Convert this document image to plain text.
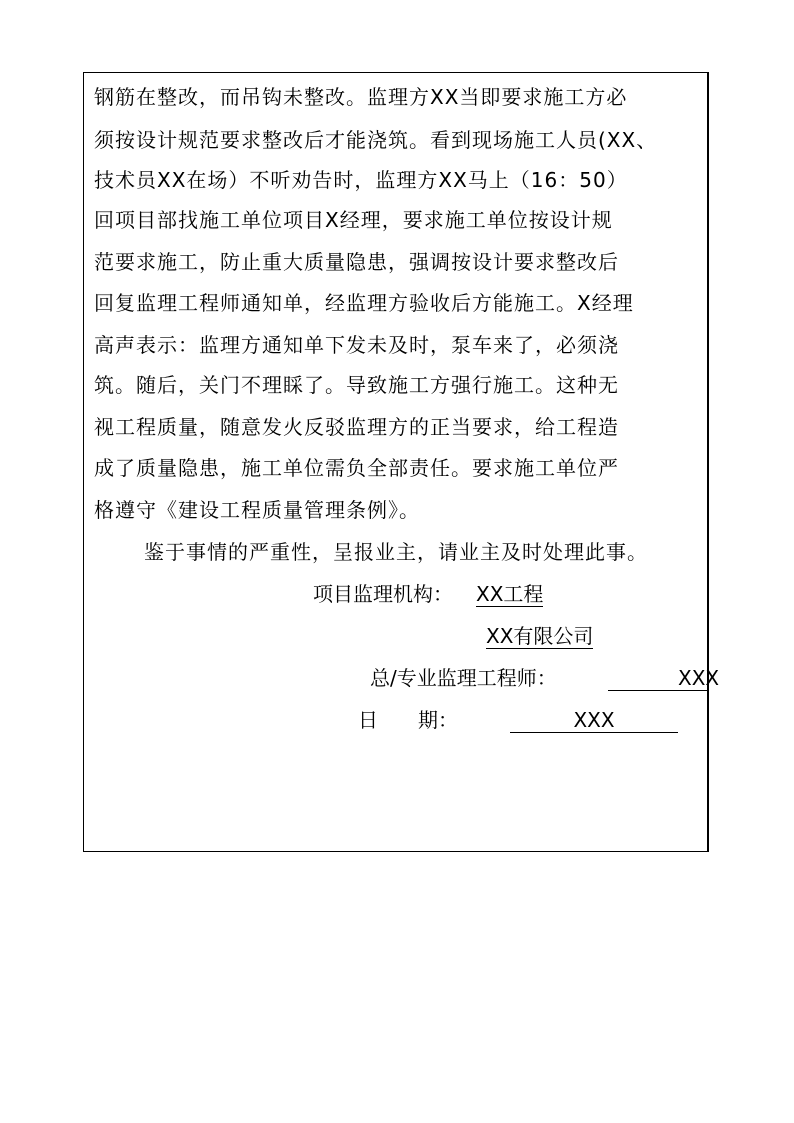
钢筋在整改，而吊钩未整改。监理方XX当即要求施工方必
须按设计规范要求整改后才能浇筑。看到现场施工人员(XX、
技术员XX在场）不听劝告时，监理方XX马上（16：50）
回项目部找施工单位项目X经理，要求施工单位按设计规
范要求施工，防止重大质量隐患，强调按设计要求整改后
回复监理工程师通知单，经监理方验收后方能施工。X经理
高声表示：监理方通知单下发未及时，泵车来了，必须浇
筑。随后，关门不理睬了。导致施工方强行施工。这种无
视工程质量，随意发火反驳监理方的正当要求，给工程造
成了质量隐患，施工单位需负全部责任。要求施工单位严
格遵守《建设工程质量管理条例》。
鉴于事情的严重性，呈报业主，请业主及时处理此事。
项目监理机构： XX工程
XX有限公司
总/专业监理工程师：	XXX
日　　期：	XXX
